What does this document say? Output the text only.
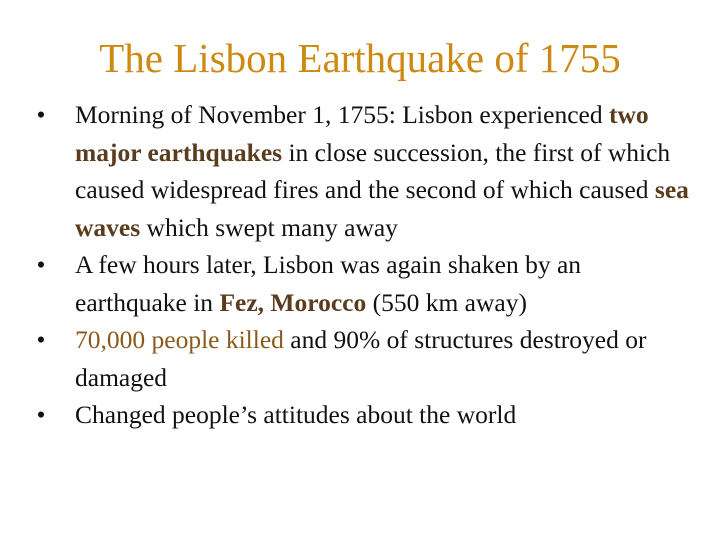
The Lisbon Earthquake of 1755
•	Morning of November 1, 1755: Lisbon experienced two major earthquakes in close succession, the first of which caused widespread fires and the second of which caused sea waves which swept many away
•	A few hours later, Lisbon was again shaken by an earthquake in Fez, Morocco (550 km away)
•	70,000 people killed and 90% of structures destroyed or damaged
•	Changed people’s attitudes about the world
